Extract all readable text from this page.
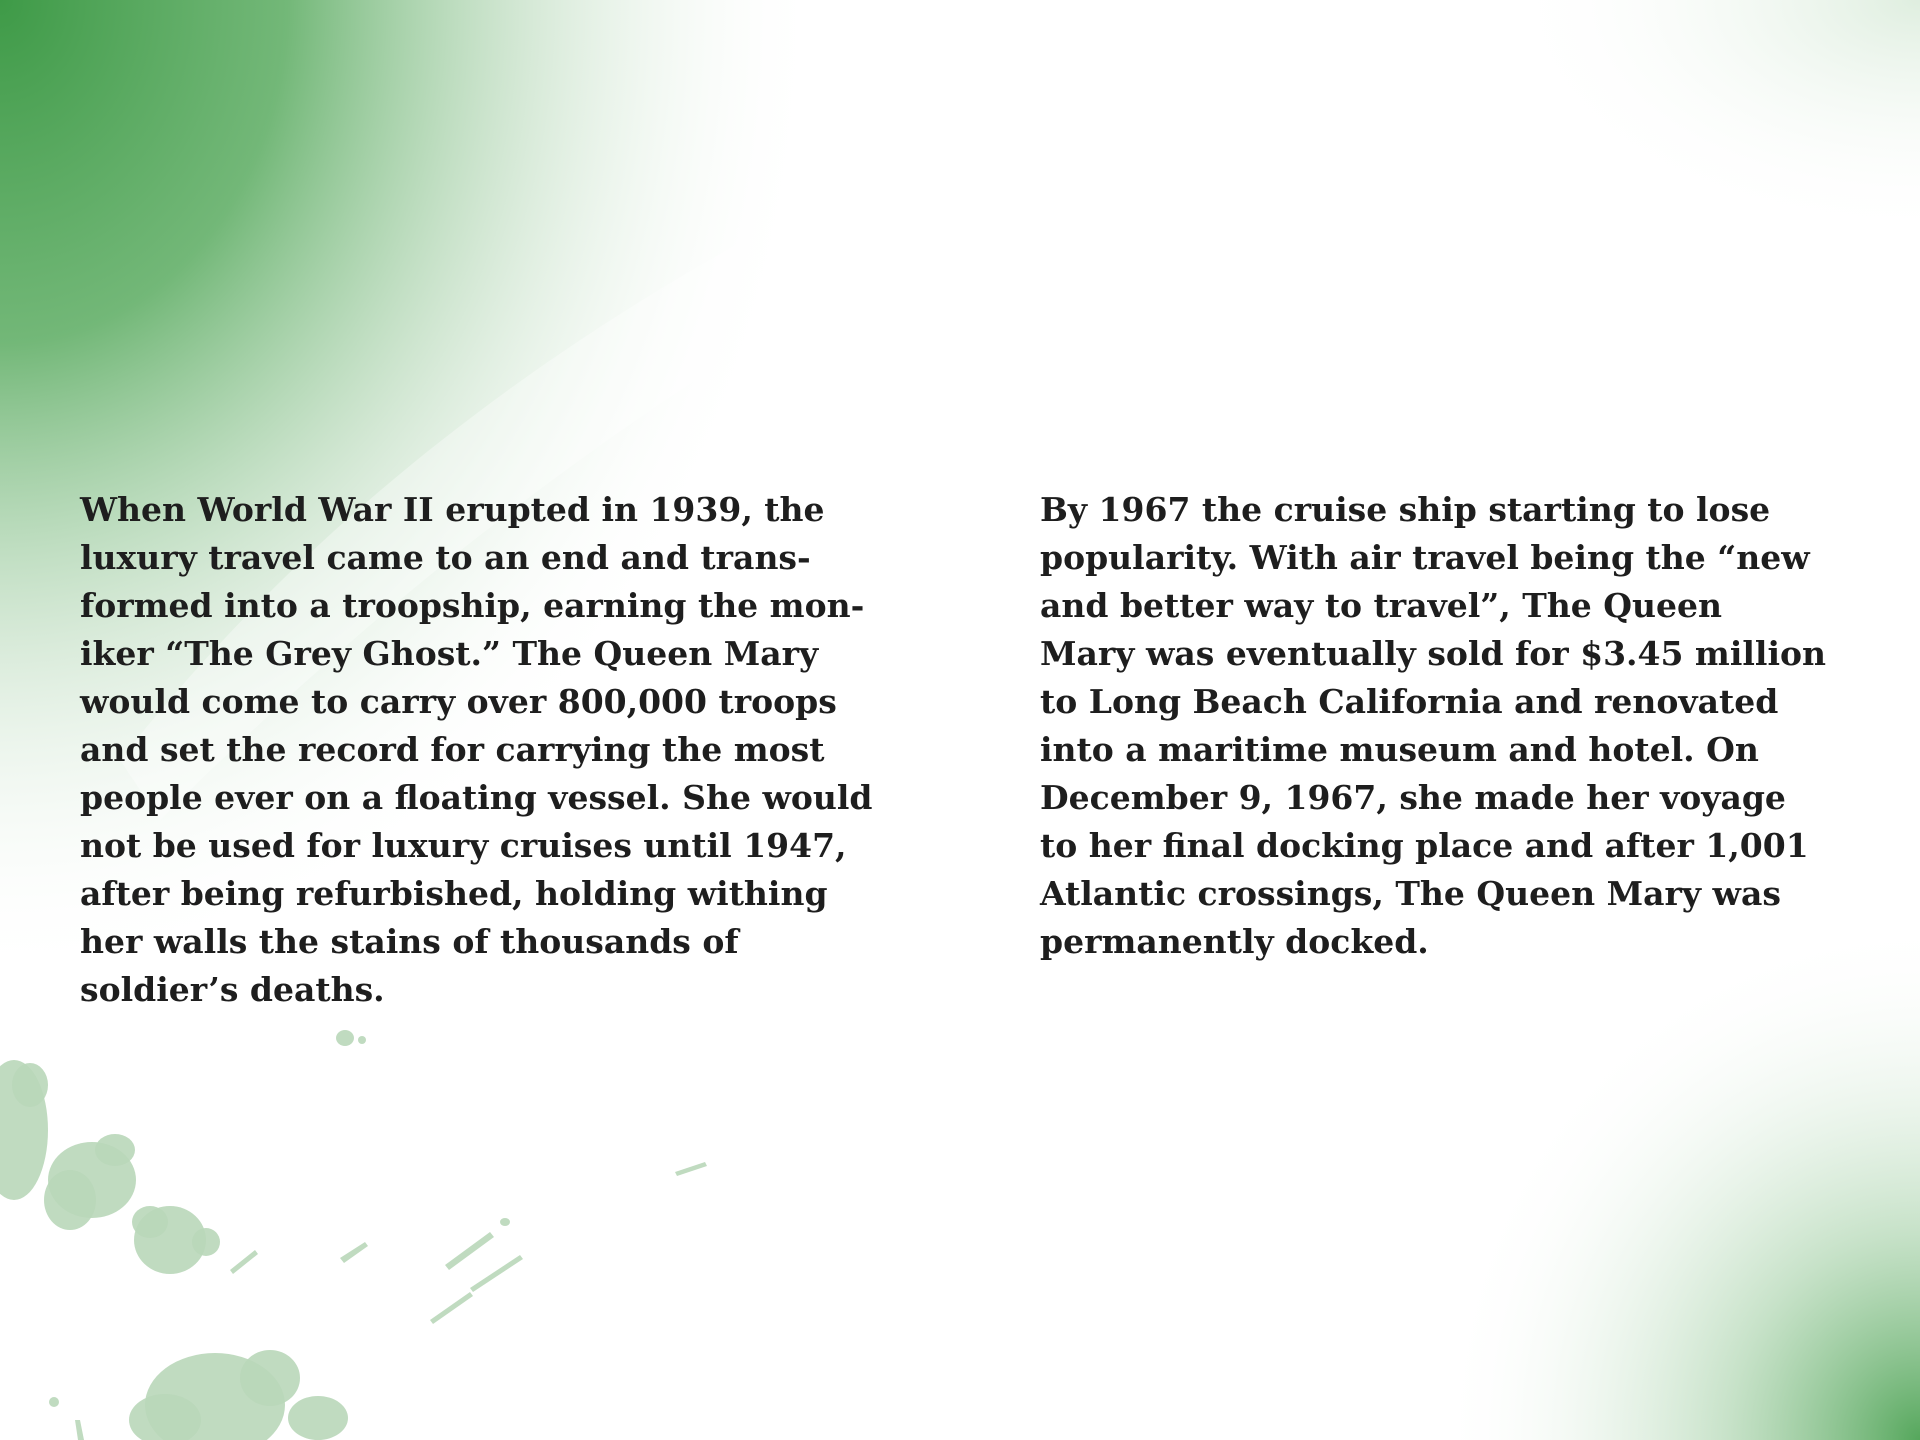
When World War II erupted in 1939, the
luxury travel came to an end and trans-
formed into a troopship, earning the mon-
iker “The Grey Ghost.” The Queen Mary
would come to carry over 800,000 troops
and set the record for carrying the most
people ever on a floating vessel. She would
not be used for luxury cruises until 1947,
after being refurbished, holding withing
her walls the stains of thousands of
soldier’s deaths.

By 1967 the cruise ship starting to lose
popularity. With air travel being the “new
and better way to travel”, The Queen
Mary was eventually sold for $3.45 million
to Long Beach California and renovated
into a maritime museum and hotel. On
December 9, 1967, she made her voyage
to her final docking place and after 1,001
Atlantic crossings, The Queen Mary was
permanently docked.
